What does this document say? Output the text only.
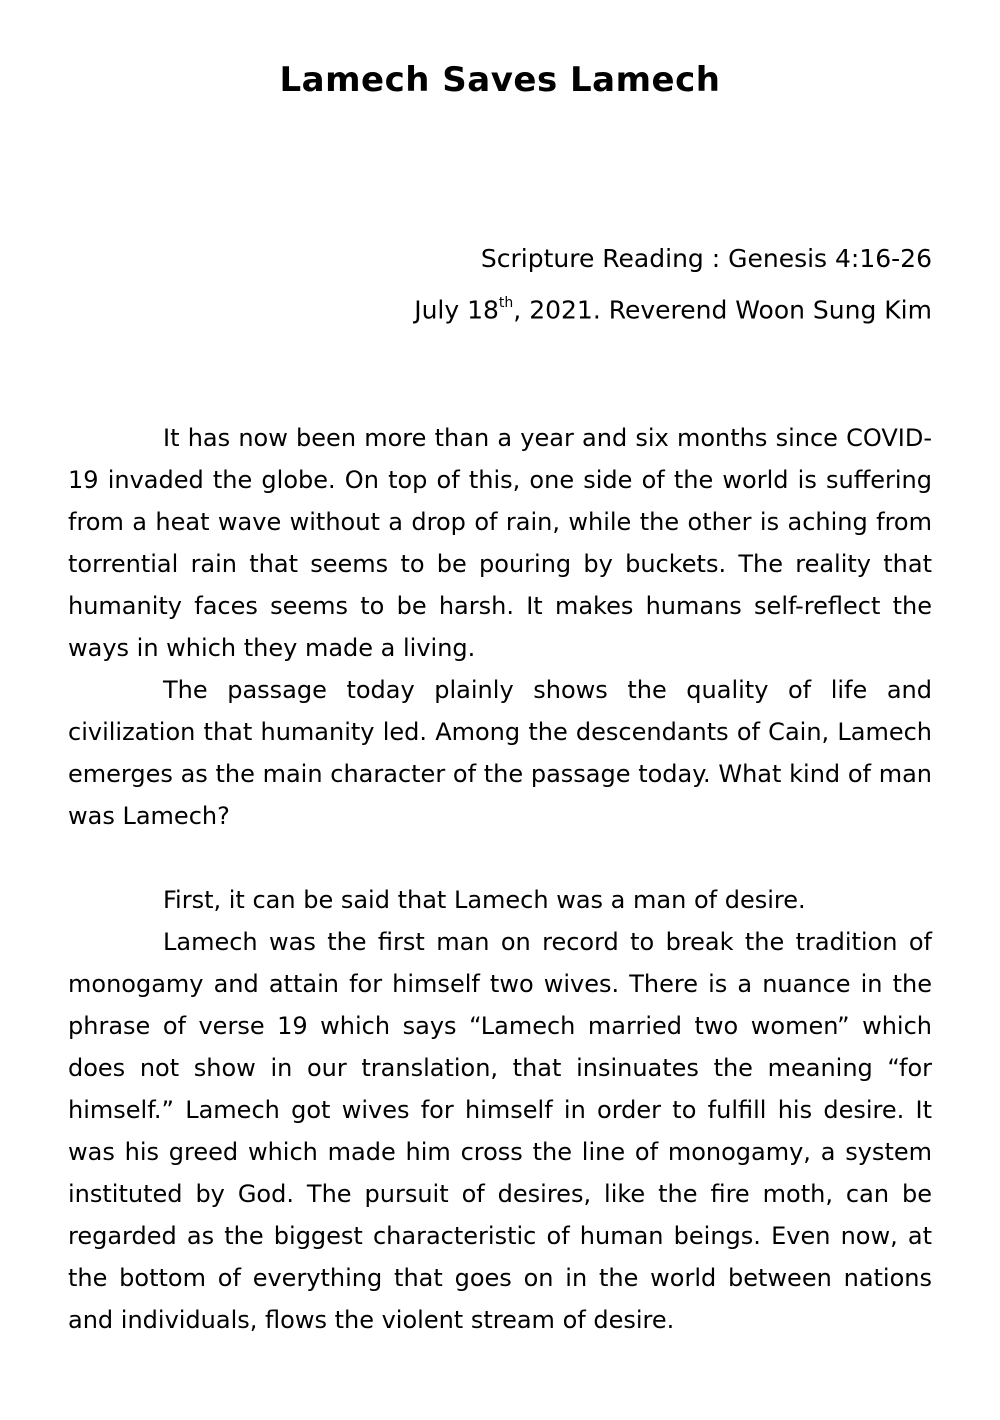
Lamech Saves Lamech
Scripture Reading : Genesis 4:16-26
July 18th, 2021. Reverend Woon Sung Kim

It has now been more than a year and six months since COVID-19 invaded the globe. On top of this, one side of the world is suffering from a heat wave without a drop of rain, while the other is aching from torrential rain that seems to be pouring by buckets. The reality that humanity faces seems to be harsh. It makes humans self-reflect the ways in which they made a living.

The passage today plainly shows the quality of life and civilization that humanity led. Among the descendants of Cain, Lamech emerges as the main character of the passage today. What kind of man was Lamech?

First, it can be said that Lamech was a man of desire.

Lamech was the first man on record to break the tradition of monogamy and attain for himself two wives. There is a nuance in the phrase of verse 19 which says “Lamech married two women” which does not show in our translation, that insinuates the meaning “for himself.” Lamech got wives for himself in order to fulfill his desire. It was his greed which made him cross the line of monogamy, a system instituted by God. The pursuit of desires, like the fire moth, can be regarded as the biggest characteristic of human beings. Even now, at the bottom of everything that goes on in the world between nations and individuals, flows the violent stream of desire.
